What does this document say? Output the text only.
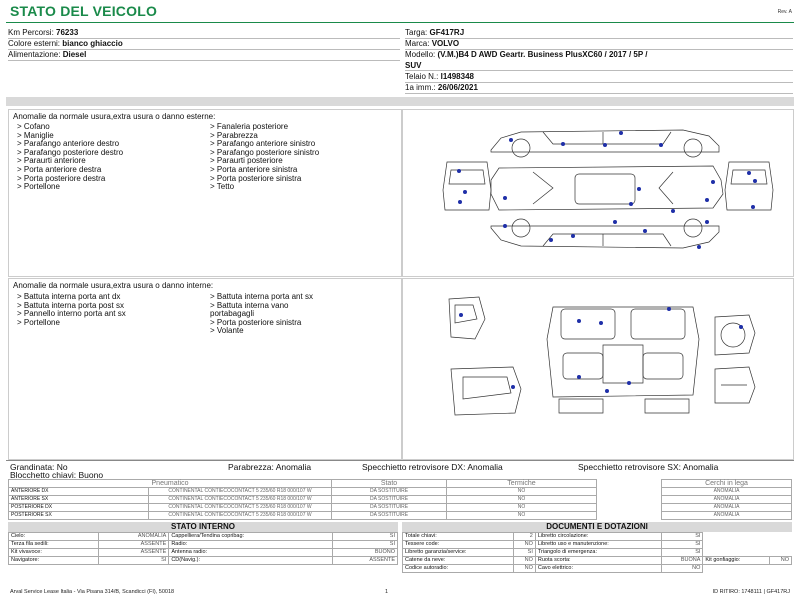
STATO DEL VEICOLO	Rev. A
Km Percorsi: 76233
Colore esterni: bianco ghiaccio
Alimentazione: Diesel
Targa: GF417RJ
Marca: VOLVO
Modello: (V.M.)B4 D AWD Geartr. Business PlusXC60 / 2017 / 5P /
SUV
Telaio N.: I1498348
1a imm.: 26/06/2021
Anomalie da normale usura,extra usura o danno esterne:
> Cofano
> Maniglie
> Parafango anteriore destro
> Parafango posteriore destro
> Paraurti anteriore
> Porta anteriore destra
> Porta posteriore destra
> Portellone
> Fanaleria posteriore
> Parabrezza
> Parafango anteriore sinistro
> Parafango posteriore sinistro
> Paraurti posteriore
> Porta anteriore sinistra
> Porta posteriore sinistra
> Tetto
Anomalie da normale usura,extra usura o danno interne:
> Battuta interna porta ant dx
> Battuta interna porta post sx
> Pannello interno porta ant sx
> Portellone
> Battuta interna porta ant sx
> Battuta interna vano
portabagagli
> Porta posteriore sinistra
> Volante
Grandinata: No
Blocchetto chiavi: Buono
Parabrezza: Anomalia	Specchietto retrovisore DX: Anomalia	Specchietto retrovisore SX: Anomalia
Pneumatico		Stato	Termiche		Cerchi in lega
ANTERIORE DX	CONTINENTAL CONTIECOCONTACT 5 235/60 R18 000/107 W	DA SOSTITUIRE	NO		ANOMALIA
ANTERIORE SX	CONTINENTAL CONTIECOCONTACT 5 235/60 R18 000/107 W	DA SOSTITUIRE	NO		ANOMALIA
POSTERIORE DX	CONTINENTAL CONTIECOCONTACT 5 235/60 R18 000/107 W	DA SOSTITUIRE	NO		ANOMALIA
POSTERIORE SX	CONTINENTAL CONTIECOCONTACT 5 235/60 R18 000/107 W	DA SOSTITUIRE	NO		ANOMALIA
STATO INTERNO
Cielo:	ANOMALIA	Cappelliera/Tendina copribag:	SI
Terza fila sedili:	ASSENTE	Radio:	SI
Kit vivavoce:	ASSENTE	Antenna radio:	BUONO
Navigatore:	SI	CD(Navig.):	ASSENTE
DOCUMENTI E DOTAZIONI
Totale chiavi:	2	Libretto circolazione:	SI		
Tessere code:	NO	Libretto uso e manutenzione:	SI		
Libretto garanzia/service:	SI	Triangolo di emergenza:	SI		
Catene da neve:	NO	Ruota scorta:	BUONA	Kit gonfiaggio:	NO
Codice autoradio:	NO	Cavo elettrico:	NO		
Arval Service Lease Italia - Via Pisana 314/B, Scandicci (FI), 50018	1	ID RITIRO: 1748111 | GF417RJ
